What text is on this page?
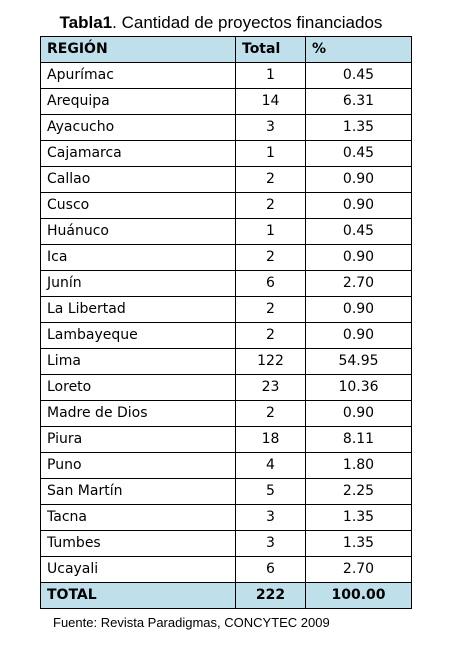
Tabla1. Cantidad de proyectos financiados
REGIÓN	Total	%
Apurímac	1	0.45
Arequipa	14	6.31
Ayacucho	3	1.35
Cajamarca	1	0.45
Callao	2	0.90
Cusco	2	0.90
Huánuco	1	0.45
Ica	2	0.90
Junín	6	2.70
La Libertad	2	0.90
Lambayeque	2	0.90
Lima	122	54.95
Loreto	23	10.36
Madre de Dios	2	0.90
Piura	18	8.11
Puno	4	1.80
San Martín	5	2.25
Tacna	3	1.35
Tumbes	3	1.35
Ucayali	6	2.70
TOTAL	222	100.00
Fuente: Revista Paradigmas, CONCYTEC 2009
